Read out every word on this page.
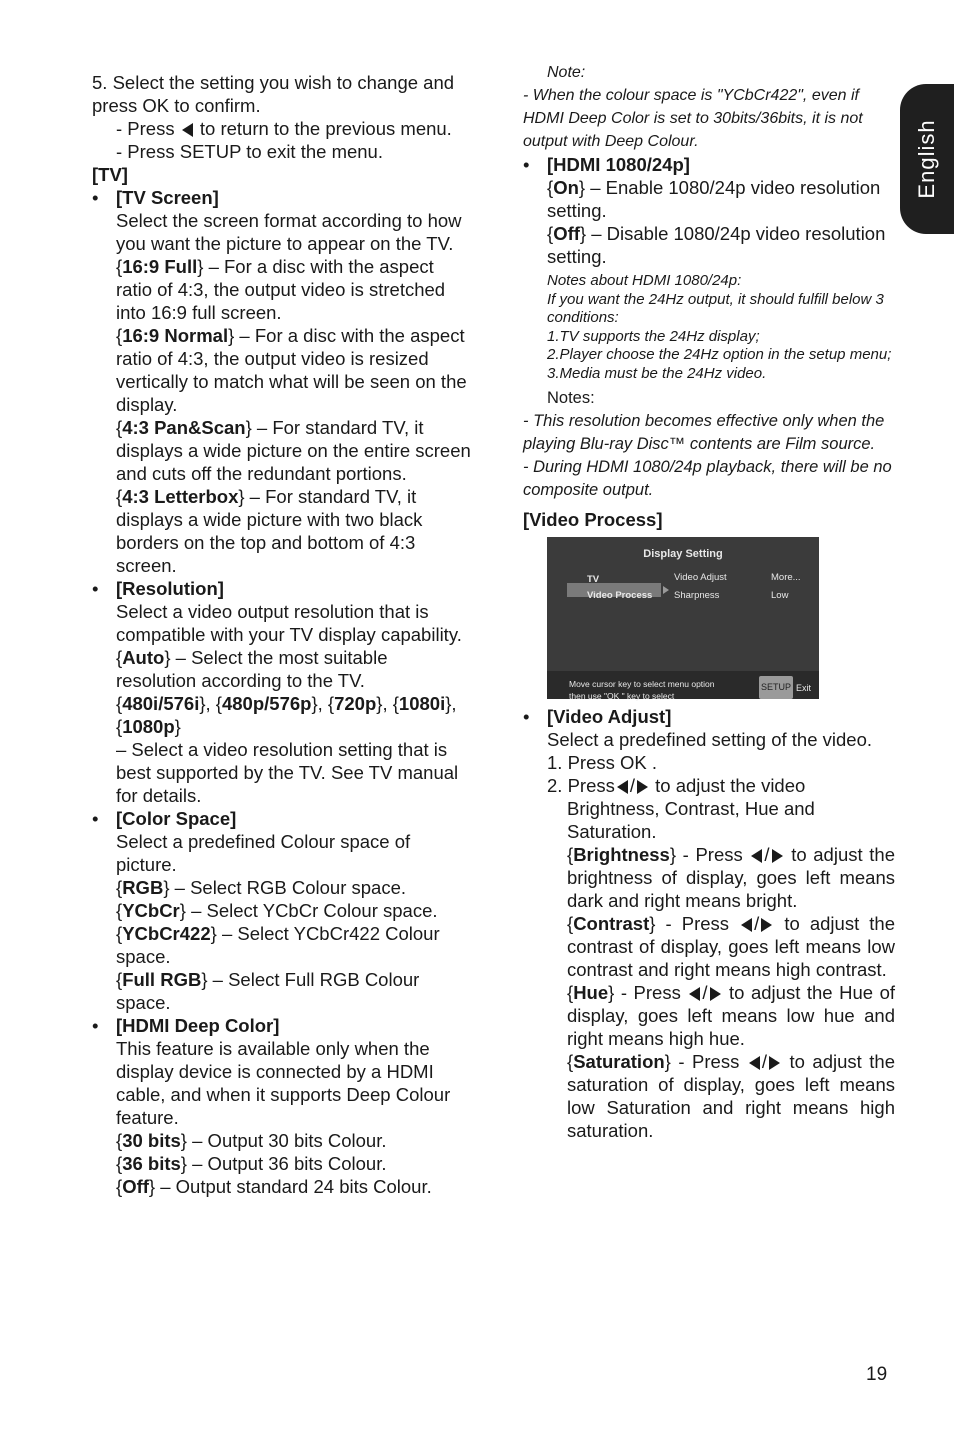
English

5. Select the setting you wish to change and press OK to confirm.

- Press to return to the previous menu.

- Press SETUP to exit the menu.

[TV]

• [TV Screen]

Select the screen format according to how you want the picture to appear on the TV.

{16:9 Full} – For a disc with the aspect ratio of 4:3, the output video is stretched into 16:9 full screen.

{16:9 Normal} – For a disc with the aspect ratio of 4:3, the output video is resized vertically to match what will be seen on the display.

{4:3 Pan&Scan} – For standard TV, it displays a wide picture on the entire screen and cuts off the redundant portions.

{4:3 Letterbox} – For standard TV, it displays a wide picture with two black borders on the top and bottom of 4:3 screen.

• [Resolution]

Select a video output resolution that is compatible with your TV display capability.

{Auto} – Select the most suitable resolution according to the TV.

{480i/576i}, {480p/576p}, {720p}, {1080i}, {1080p}

– Select a video resolution setting that is best supported by the TV. See TV manual for details.

• [Color Space]

Select a predefined Colour space of picture.

{RGB} – Select RGB Colour space.

{YCbCr} – Select YCbCr Colour space.

{YCbCr422} – Select YCbCr422 Colour space.

{Full RGB} – Select Full RGB Colour space.

• [HDMI Deep Color]

This feature is available only when the display device is connected by a HDMI cable, and when it supports Deep Colour feature.

{30 bits} – Output 30 bits Colour.

{36 bits} – Output 36 bits Colour.

{Off} – Output standard 24 bits Colour.

Note:

- When the colour space is "YCbCr422", even if HDMI Deep Color is set to 30bits/36bits, it is not output with Deep Colour.

• [HDMI 1080/24p]

{On} – Enable 1080/24p video resolution setting.

{Off} – Disable 1080/24p video resolution setting.

Notes about HDMI 1080/24p:

If you want the 24Hz output, it should fulfill below 3 conditions:

1.TV supports the 24Hz display;

2.Player choose the 24Hz option in the setup menu;

3.Media must be the 24Hz video.

Notes:

- This resolution becomes effective only when the playing Blu-ray Disc™ contents are Film source.

- During HDMI 1080/24p playback, there will be no composite output.

[Video Process]

Display Setting
TV
Video Process
Video Adjust	More...
Sharpness	Low
Move cursor key to select menu option
then use "OK " key to select
SETUP Exit

• [Video Adjust]

Select a predefined setting of the video.

1. Press OK .

2. Press / to adjust the video Brightness, Contrast, Hue and Saturation.

{Brightness} - Press / to adjust the brightness of display, goes left means dark and right means bright.

{Contrast} - Press / to adjust the contrast of display, goes left means low contrast and right means high contrast.

{Hue} - Press / to adjust the Hue of display, goes left means low hue and right means high hue.

{Saturation} - Press / to adjust the saturation of display, goes left means low Saturation and right means high saturation.

19
